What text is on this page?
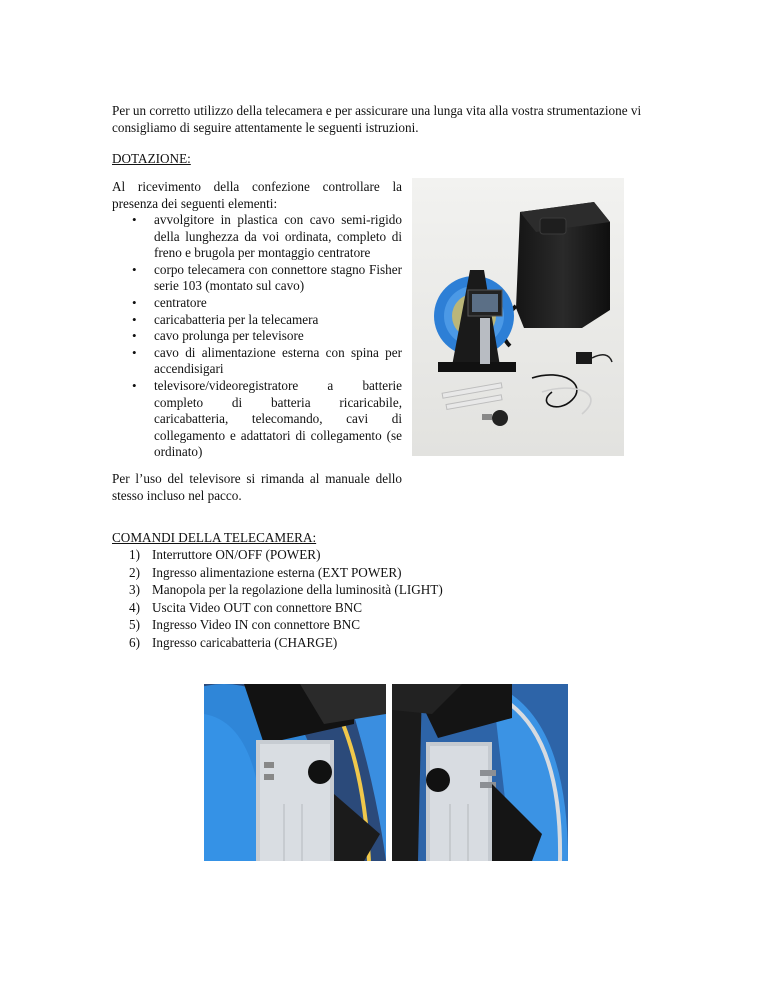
Per un corretto utilizzo della telecamera e per assicurare una lunga vita alla vostra strumentazione vi consigliamo di seguire attentamente le seguenti istruzioni.

DOTAZIONE:

Al ricevimento della confezione controllare la presenza dei seguenti elementi:

• avvolgitore in plastica con cavo semi-rigido della lunghezza da voi ordinata, completo di freno e brugola per montaggio centratore
• corpo telecamera con connettore stagno Fisher serie 103 (montato sul cavo)
• centratore
• caricabatteria per la telecamera
• cavo prolunga per televisore
• cavo di alimentazione esterna con spina per accendisigari
• televisore/videoregistratore a batterie completo di batteria ricaricabile, caricabatteria, telecomando, cavi di collegamento e adattatori di collegamento (se ordinato)

Per l’uso del televisore si rimanda al manuale dello stesso incluso nel pacco.

COMANDI DELLA TELECAMERA:

1) Interruttore ON/OFF (POWER)
2) Ingresso alimentazione esterna (EXT POWER)
3) Manopola per la regolazione della luminosità (LIGHT)
4) Uscita Video OUT con connettore BNC
5) Ingresso Video IN con connettore BNC
6) Ingresso caricabatteria (CHARGE)
